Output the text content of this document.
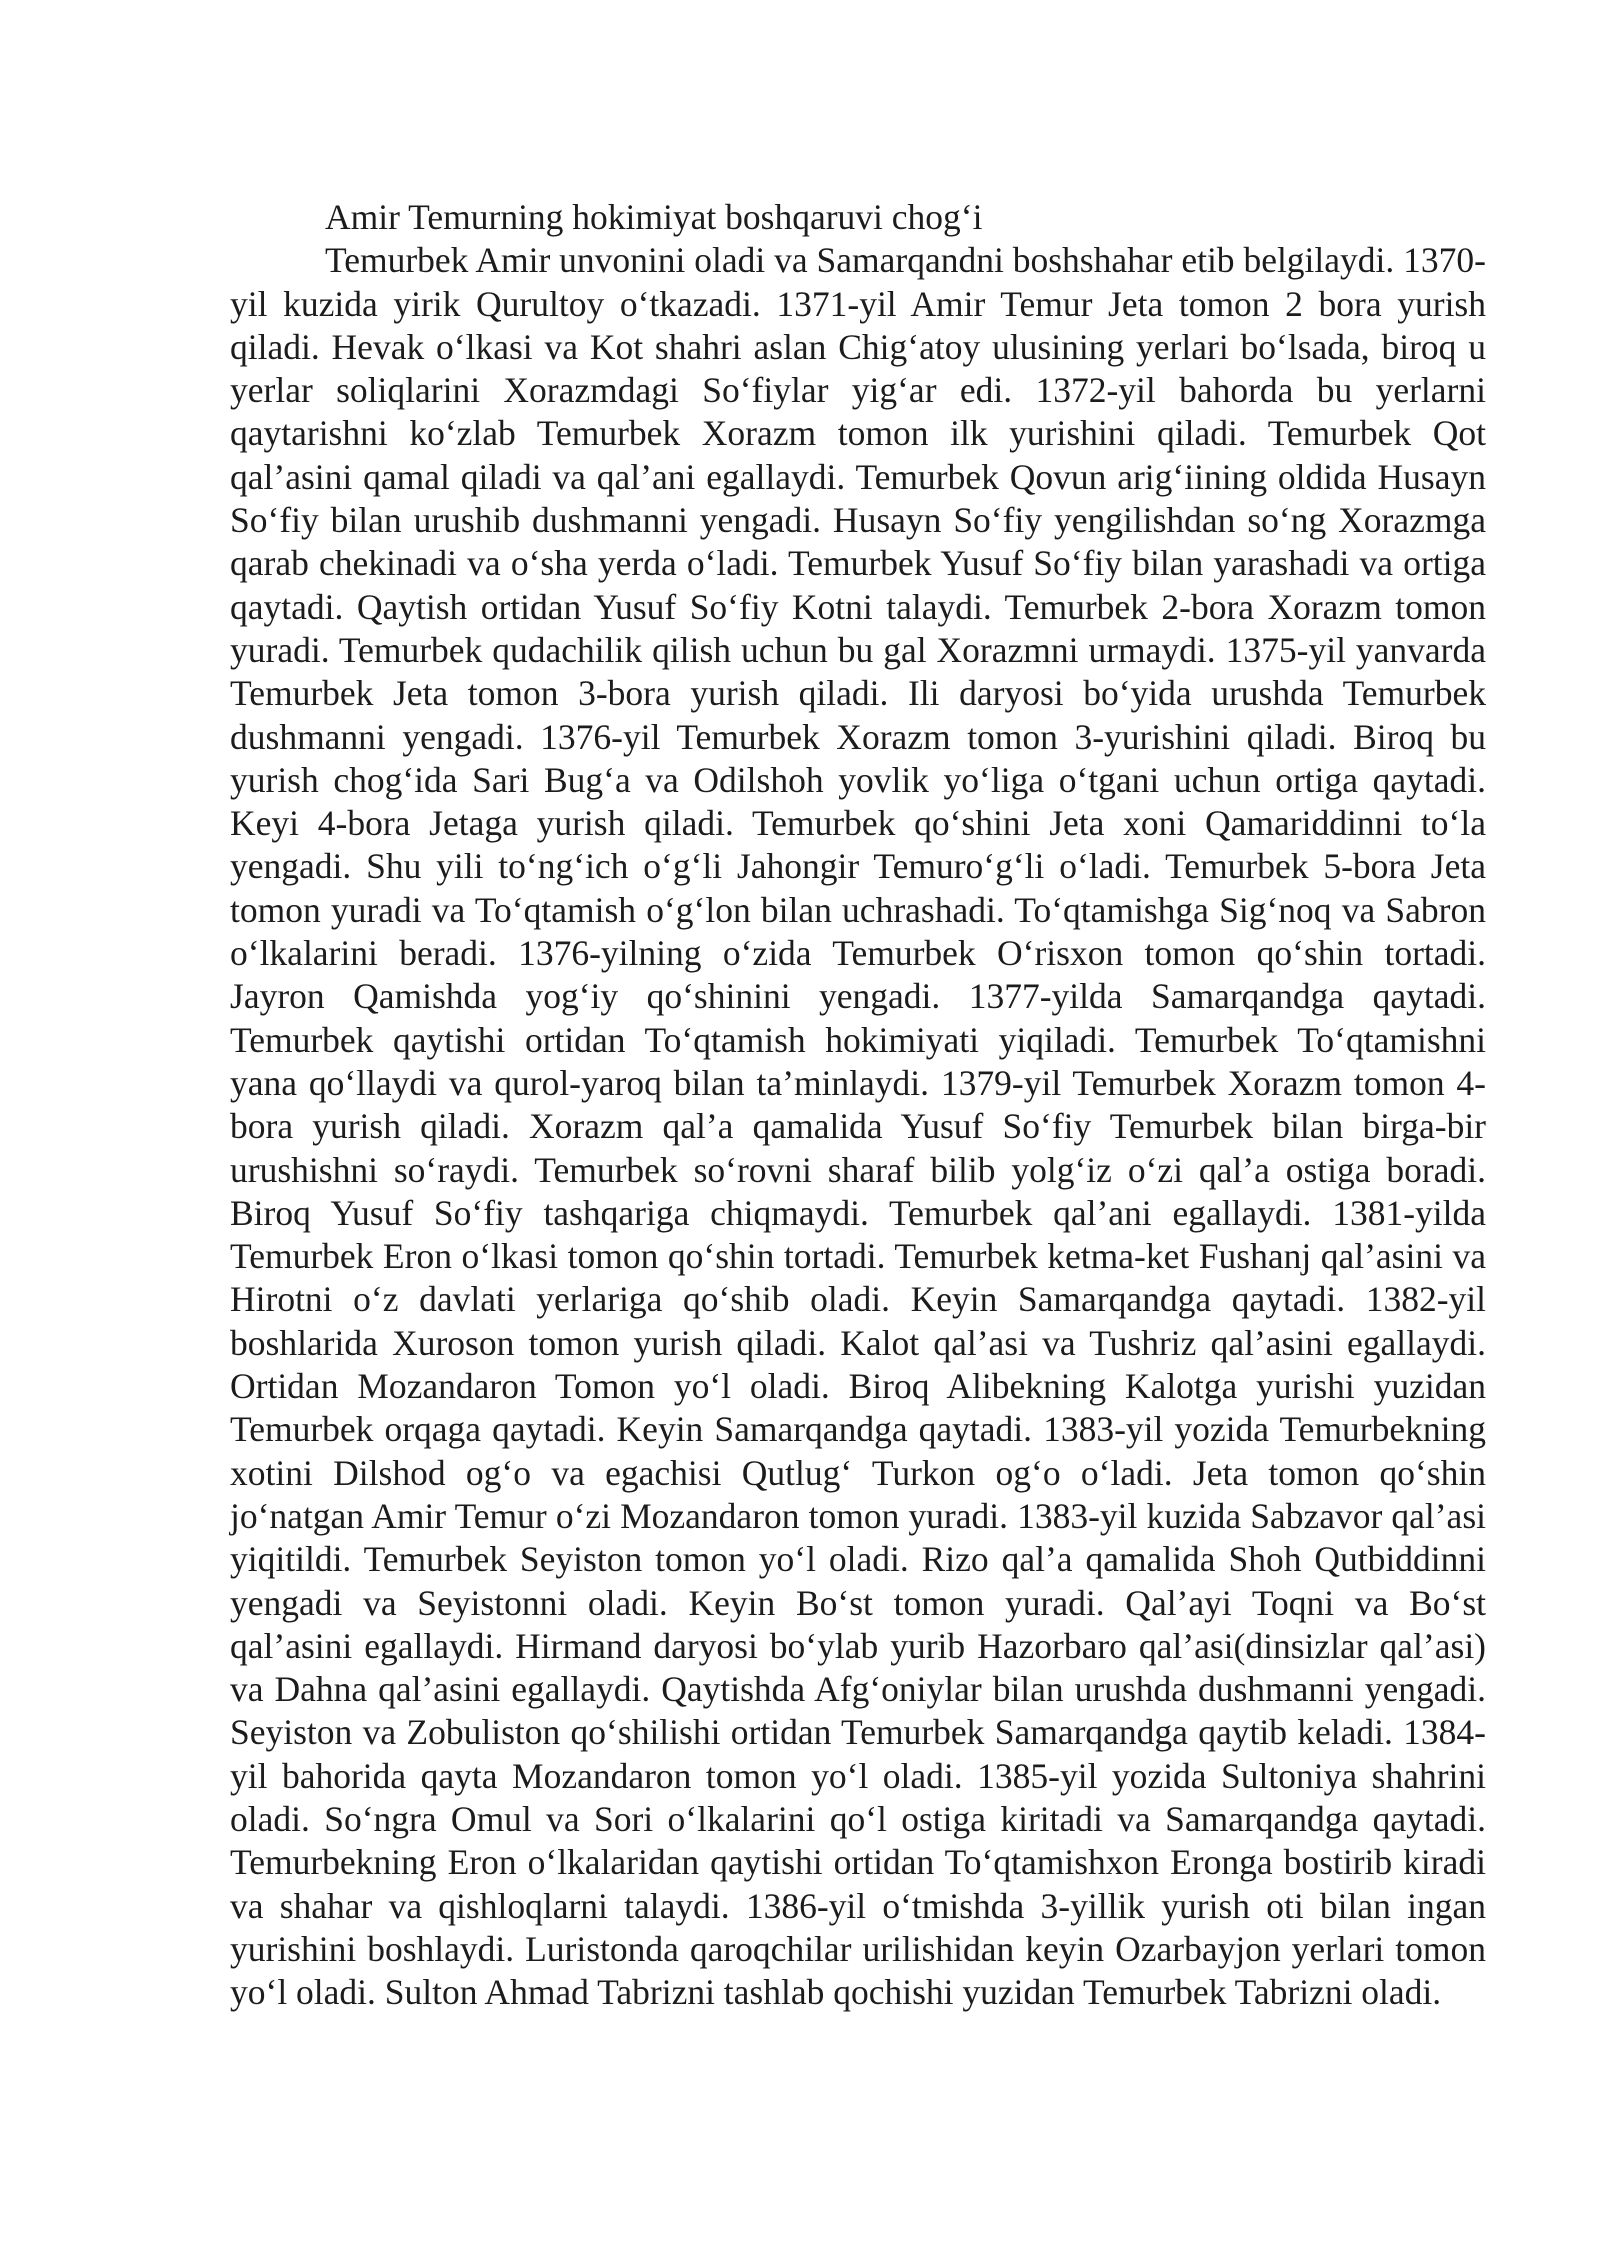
Amir Temurning hokimiyat boshqaruvi chog‘i

Temurbek Amir unvonini oladi va Samarqandni boshshahar etib belgilaydi. 1370-yil kuzida yirik Qurultoy o‘tkazadi. 1371-yil Amir Temur Jeta tomon 2 bora yurish qiladi. Hevak o‘lkasi va Kot shahri aslan Chig‘atoy ulusining yerlari bo‘lsada, biroq u yerlar soliqlarini Xorazmdagi So‘fiylar yig‘ar edi. 1372-yil bahorda bu yerlarni qaytarishni ko‘zlab Temurbek Xorazm tomon ilk yurishini qiladi. Temurbek Qot qal’asini qamal qiladi va qal’ani egallaydi. Temurbek Qovun arig‘iining oldida Husayn So‘fiy bilan urushib dushmanni yengadi. Husayn So‘fiy yengilishdan so‘ng Xorazmga qarab chekinadi va o‘sha yerda o‘ladi. Temurbek Yusuf So‘fiy bilan yarashadi va ortiga qaytadi. Qaytish ortidan Yusuf So‘fiy Kotni talaydi. Temurbek 2-bora Xorazm tomon yuradi. Temurbek qudachilik qilish uchun bu gal Xorazmni urmaydi. 1375-yil yanvarda Temurbek Jeta tomon 3-bora yurish qiladi. Ili daryosi bo‘yida urushda Temurbek dushmanni yengadi. 1376-yil Temurbek Xorazm tomon 3-yurishini qiladi. Biroq bu yurish chog‘ida Sari Bug‘a va Odilshoh yovlik yo‘liga o‘tgani uchun ortiga qaytadi. Keyi 4-bora Jetaga yurish qiladi. Temurbek qo‘shini Jeta xoni Qamariddinni to‘la yengadi. Shu yili to‘ng‘ich o‘g‘li Jahongir Temuro‘g‘li o‘ladi. Temurbek 5-bora Jeta tomon yuradi va To‘qtamish o‘g‘lon bilan uchrashadi. To‘qtamishga Sig‘noq va Sabron o‘lkalarini beradi. 1376-yilning o‘zida Temurbek O‘risxon tomon qo‘shin tortadi. Jayron Qamishda yog‘iy qo‘shinini yengadi. 1377-yilda Samarqandga qaytadi. Temurbek qaytishi ortidan To‘qtamish hokimiyati yiqiladi. Temurbek To‘qtamishni yana qo‘llaydi va qurol-yaroq bilan ta’minlaydi. 1379-yil Temurbek Xorazm tomon 4-bora yurish qiladi. Xorazm qal’a qamalida Yusuf So‘fiy Temurbek bilan birga-bir urushishni so‘raydi. Temurbek so‘rovni sharaf bilib yolg‘iz o‘zi qal’a ostiga boradi. Biroq Yusuf So‘fiy tashqariga chiqmaydi. Temurbek qal’ani egallaydi. 1381-yilda Temurbek Eron o‘lkasi tomon qo‘shin tortadi. Temurbek ketma-ket Fushanj qal’asini va Hirotni o‘z davlati yerlariga qo‘shib oladi. Keyin Samarqandga qaytadi. 1382-yil boshlarida Xuroson tomon yurish qiladi. Kalot qal’asi va Tushriz qal’asini egallaydi. Ortidan Mozandaron Tomon yo‘l oladi. Biroq Alibekning Kalotga yurishi yuzidan Temurbek orqaga qaytadi. Keyin Samarqandga qaytadi. 1383-yil yozida Temurbekning xotini Dilshod og‘o va egachisi Qutlug‘ Turkon og‘o o‘ladi. Jeta tomon qo‘shin jo‘natgan Amir Temur o‘zi Mozandaron tomon yuradi. 1383-yil kuzida Sabzavor qal’asi yiqitildi. Temurbek Seyiston tomon yo‘l oladi. Rizo qal’a qamalida Shoh Qutbiddinni yengadi va Seyistonni oladi. Keyin Bo‘st tomon yuradi. Qal’ayi Toqni va Bo‘st qal’asini egallaydi. Hirmand daryosi bo‘ylab yurib Hazorbaro qal’asi(dinsizlar qal’asi) va Dahna qal’asini egallaydi. Qaytishda Afg‘oniylar bilan urushda dushmanni yengadi. Seyiston va Zobuliston qo‘shilishi ortidan Temurbek Samarqandga qaytib keladi. 1384-yil bahorida qayta Mozandaron tomon yo‘l oladi. 1385-yil yozida Sultoniya shahrini oladi. So‘ngra Omul va Sori o‘lkalarini qo‘l ostiga kiritadi va Samarqandga qaytadi. Temurbekning Eron o‘lkalaridan qaytishi ortidan To‘qtamishxon Eronga bostirib kiradi va shahar va qishloqlarni talaydi. 1386-yil o‘tmishda 3-yillik yurish oti bilan ingan yurishini boshlaydi. Luristonda qaroqchilar urilishidan keyin Ozarbayjon yerlari tomon yo‘l oladi. Sulton Ahmad Tabrizni tashlab qochishi yuzidan Temurbek Tabrizni oladi.
